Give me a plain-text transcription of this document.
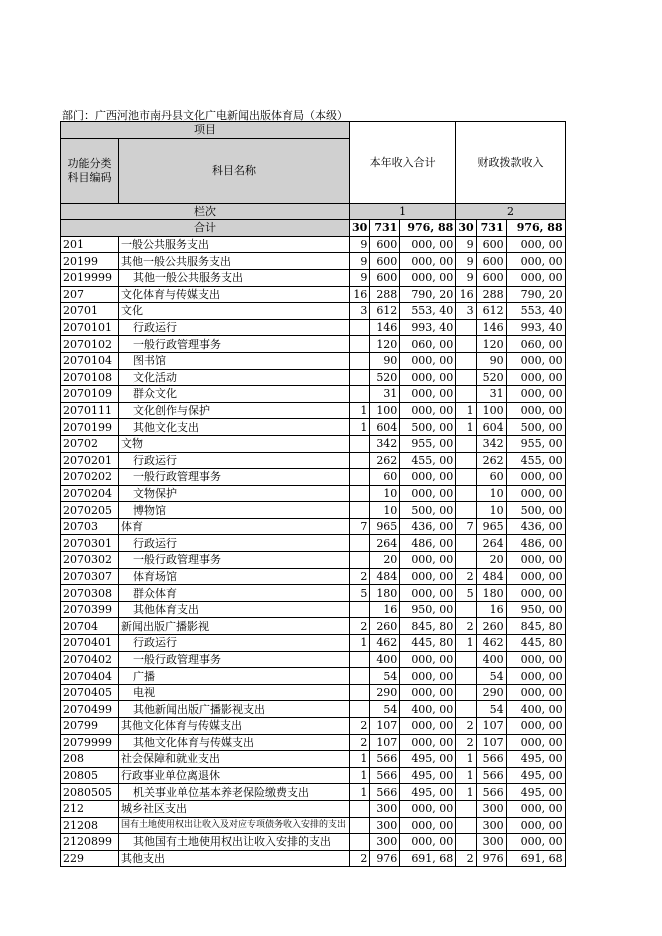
部门：广西河池市南丹县文化广电新闻出版体育局（本级）
项目		本年收入合计			财政拨款收入		
功能分类科目编码	科目名称						
栏次		1			2		
合计		30	731	976, 88	30	731	976, 88
201	一般公共服务支出	9	600	000, 00	9	600	000, 00
20199	其他一般公共服务支出	9	600	000, 00	9	600	000, 00
2019999	其他一般公共服务支出	9	600	000, 00	9	600	000, 00
207	文化体育与传媒支出	16	288	790, 20	16	288	790, 20
20701	文化	3	612	553, 40	3	612	553, 40
2070101	行政运行		146	993, 40		146	993, 40
2070102	一般行政管理事务		120	060, 00		120	060, 00
2070104	图书馆		90	000, 00		90	000, 00
2070108	文化活动		520	000, 00		520	000, 00
2070109	群众文化		31	000, 00		31	000, 00
2070111	文化创作与保护	1	100	000, 00	1	100	000, 00
2070199	其他文化支出	1	604	500, 00	1	604	500, 00
20702	文物		342	955, 00		342	955, 00
2070201	行政运行		262	455, 00		262	455, 00
2070202	一般行政管理事务		60	000, 00		60	000, 00
2070204	文物保护		10	000, 00		10	000, 00
2070205	博物馆		10	500, 00		10	500, 00
20703	体育	7	965	436, 00	7	965	436, 00
2070301	行政运行		264	486, 00		264	486, 00
2070302	一般行政管理事务		20	000, 00		20	000, 00
2070307	体育场馆	2	484	000, 00	2	484	000, 00
2070308	群众体育	5	180	000, 00	5	180	000, 00
2070399	其他体育支出		16	950, 00		16	950, 00
20704	新闻出版广播影视	2	260	845, 80	2	260	845, 80
2070401	行政运行	1	462	445, 80	1	462	445, 80
2070402	一般行政管理事务		400	000, 00		400	000, 00
2070404	广播		54	000, 00		54	000, 00
2070405	电视		290	000, 00		290	000, 00
2070499	其他新闻出版广播影视支出		54	400, 00		54	400, 00
20799	其他文化体育与传媒支出	2	107	000, 00	2	107	000, 00
2079999	其他文化体育与传媒支出	2	107	000, 00	2	107	000, 00
208	社会保障和就业支出	1	566	495, 00	1	566	495, 00
20805	行政事业单位离退休	1	566	495, 00	1	566	495, 00
2080505	机关事业单位基本养老保险缴费支出	1	566	495, 00	1	566	495, 00
212	城乡社区支出		300	000, 00		300	000, 00
21208	国有土地使用权出让收入及对应专项债务收入安排的支出		300	000, 00		300	000, 00
2120899	其他国有土地使用权出让收入安排的支出		300	000, 00		300	000, 00
229	其他支出	2	976	691, 68	2	976	691, 68
